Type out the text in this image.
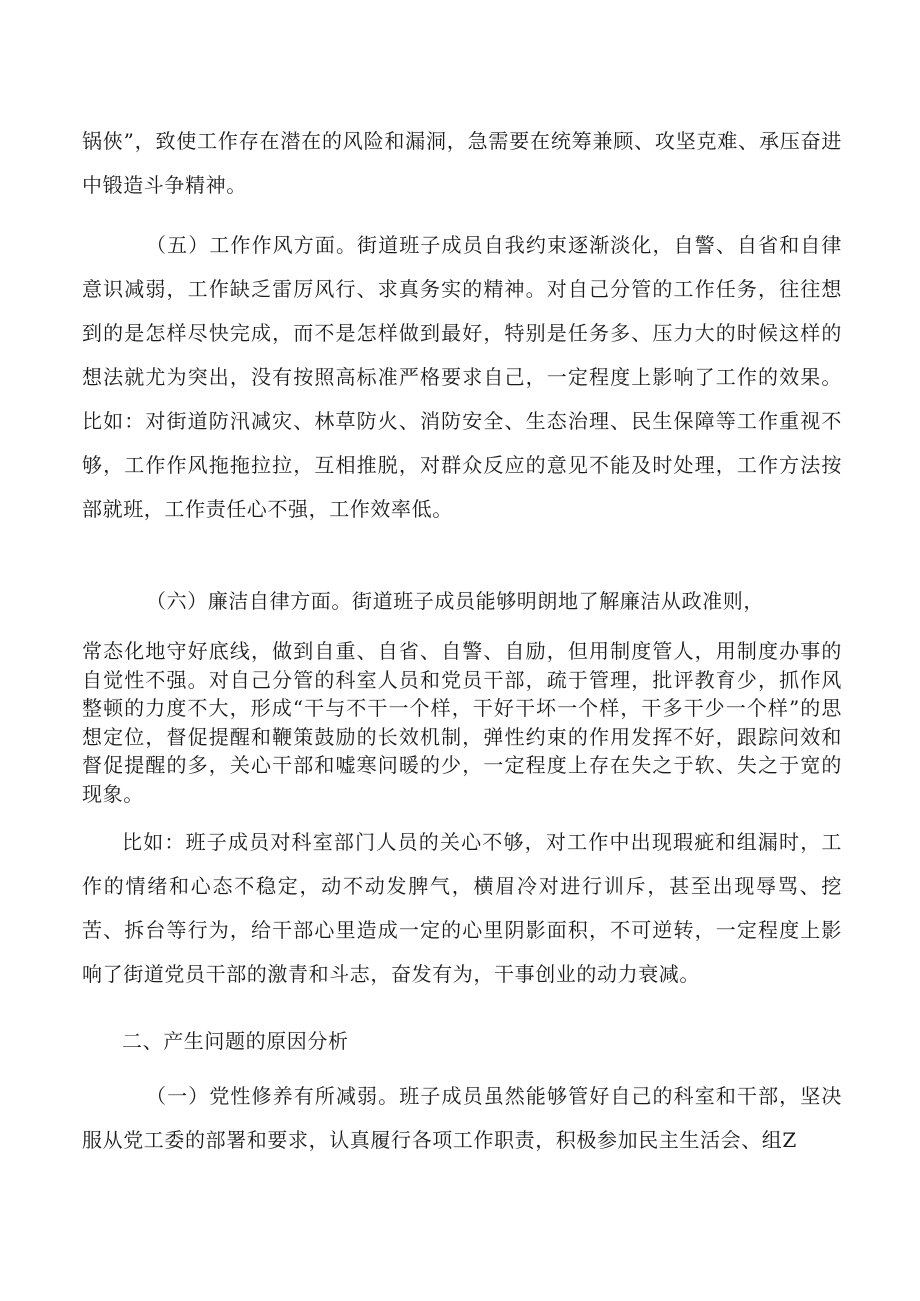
锅俠”，致使工作存在潜在的风险和漏洞，急需要在统筹兼顾、攻坚克难、承压奋进中锻造斗争精神。

（五）工作作风方面。街道班子成员自我约束逐渐淡化，自警、自省和自律意识减弱，工作缺乏雷厉风行、求真务实的精神。对自己分管的工作任务，往往想到的是怎样尽快完成，而不是怎样做到最好，特别是任务多、压力大的时候这样的想法就尤为突出，没有按照高标准严格要求自己，一定程度上影响了工作的效果。比如：对街道防汛减灾、林草防火、消防安全、生态治理、民生保障等工作重视不够，工作作风拖拖拉拉，互相推脱，对群众反应的意见不能及时处理，工作方法按部就班，工作责任心不强，工作效率低。

（六）廉洁自律方面。街道班子成员能够明朗地了解廉洁从政准则，

常态化地守好底线，做到自重、自省、自警、自励，但用制度管人，用制度办事的自觉性不强。对自己分管的科室人员和党员干部，疏于管理，批评教育少，抓作风整顿的力度不大，形成“干与不干一个样，干好干坏一个样，干多干少一个样”的思想定位，督促提醒和鞭策鼓励的长效机制，弹性约束的作用发挥不好，跟踪问效和督促提醒的多，关心干部和嘘寒问暖的少，一定程度上存在失之于软、失之于宽的现象。

比如：班子成员对科室部门人员的关心不够，对工作中出现瑕疵和组漏时，工作的情绪和心态不稳定，动不动发脾气，横眉冷对进行训斥，甚至出现辱骂、挖苦、拆台等行为，给干部心里造成一定的心里阴影面积，不可逆转，一定程度上影响了街道党员干部的激青和斗志，奋发有为，干事创业的动力衰减。

二、产生问题的原因分析

（一）党性修养有所减弱。班子成员虽然能够管好自己的科室和干部，坚决服从党工委的部署和要求，认真履行各项工作职责，积极参加民主生活会、组Z
